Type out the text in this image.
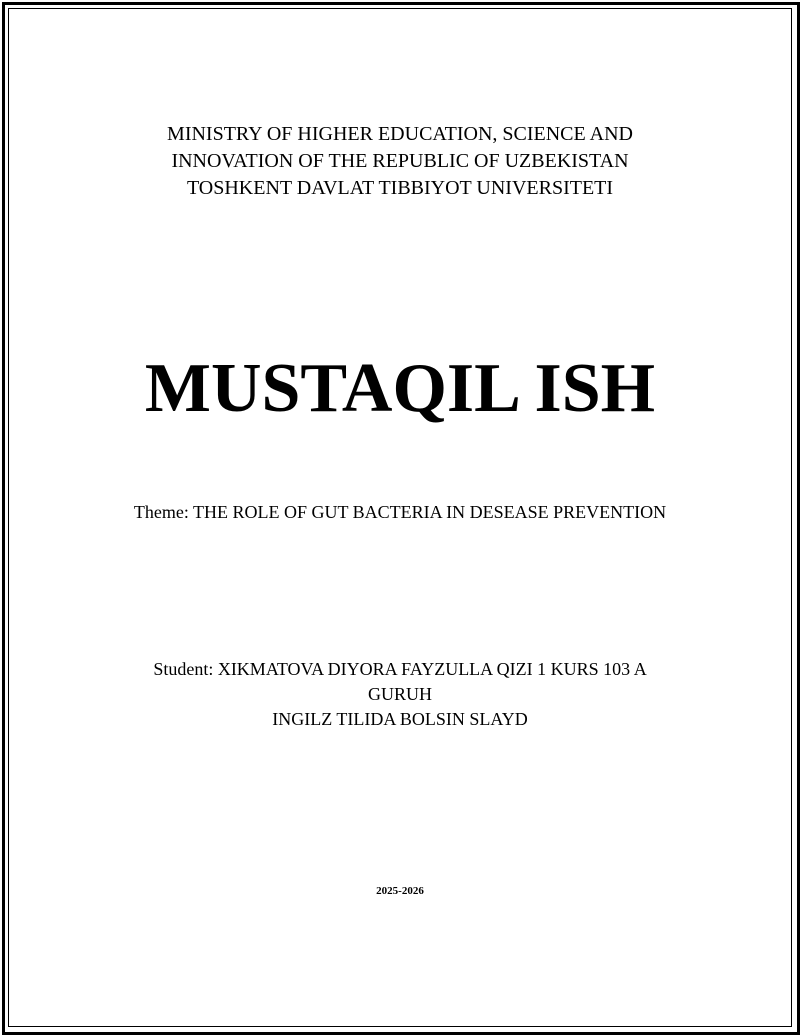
MINISTRY OF HIGHER EDUCATION, SCIENCE AND
INNOVATION OF THE REPUBLIC OF UZBEKISTAN
TOSHKENT DAVLAT TIBBIYOT UNIVERSITETI
MUSTAQIL ISH
Theme: THE ROLE OF GUT BACTERIA IN DESEASE PREVENTION
Student: XIKMATOVA DIYORA FAYZULLA QIZI 1 KURS 103 A GURUH
INGILZ TILIDA BOLSIN SLAYD
2025-2026
